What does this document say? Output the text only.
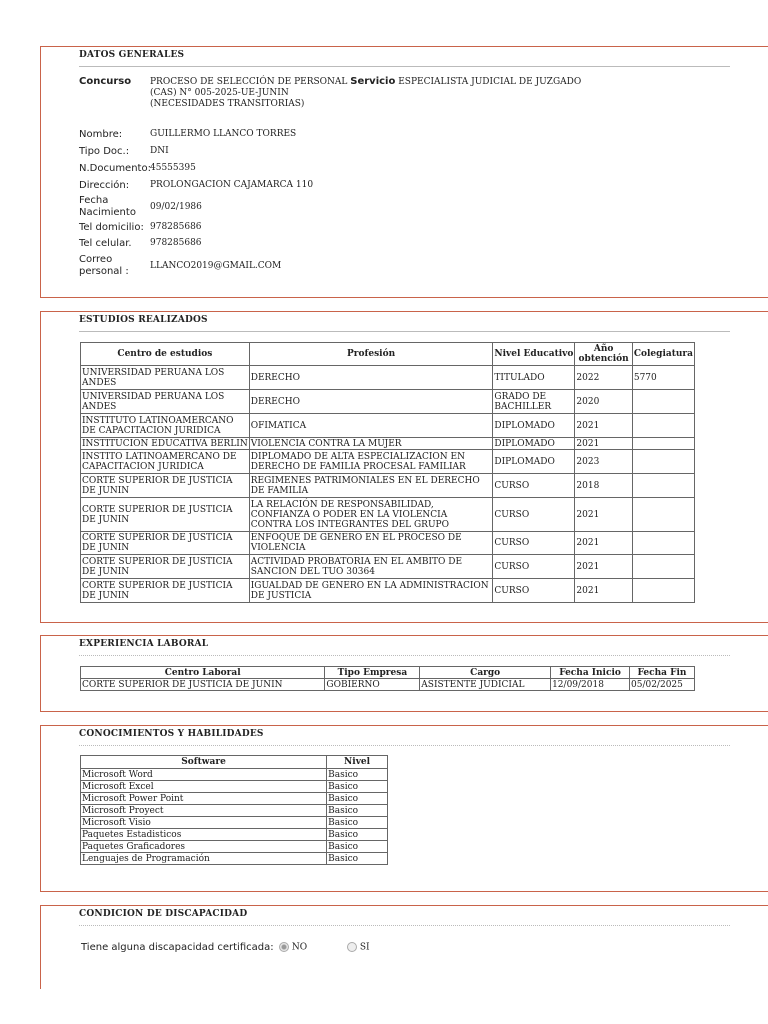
DATOS GENERALES
Concurso PROCESO DE SELECCIÓN DE PERSONAL Servicio ESPECIALISTA JUDICIAL DE JUZGADO
(CAS) N° 005-2025-UE-JUNIN
(NECESIDADES TRANSITORIAS)
Nombre:	GUILLERMO LLANCO TORRES
Tipo Doc.: DNI
N.Documento: 45555395
Dirección: PROLONGACION CAJAMARCA 110
Fecha Nacimiento	09/02/1986
Tel domicilio: 978285686
Tel celular. 978285686
Correo personal :	LLANCO2019@GMAIL.COM
ESTUDIOS REALIZADOS
Centro de estudios	Profesión	Nivel Educativo	Año obtención	Colegiatura
UNIVERSIDAD PERUANA LOS ANDES	DERECHO	TITULADO	2022	5770
UNIVERSIDAD PERUANA LOS ANDES	DERECHO	GRADO DE BACHILLER	2020	
INSTITUTO LATINOAMERCANO DE CAPACITACION JURIDICA	OFIMATICA	DIPLOMADO	2021	
INSTITUCION EDUCATIVA BERLIN	VIOLENCIA CONTRA LA MUJER	DIPLOMADO	2021	
INSTITO LATINOAMERCANO DE CAPACITACION JURIDICA	DIPLOMADO DE ALTA ESPECIALIZACION EN DERECHO DE FAMILIA PROCESAL FAMILIAR	DIPLOMADO	2023	
CORTE SUPERIOR DE JUSTICIA DE JUNIN	REGIMENES PATRIMONIALES EN EL DERECHO DE FAMILIA	CURSO	2018	
CORTE SUPERIOR DE JUSTICIA DE JUNIN	LA RELACIÓN DE RESPONSABILIDAD, CONFIANZA O PODER EN LA VIOLENCIA CONTRA LOS INTEGRANTES DEL GRUPO	CURSO	2021	
CORTE SUPERIOR DE JUSTICIA DE JUNIN	ENFOQUE DE GENERO EN EL PROCESO DE VIOLENCIA	CURSO	2021	
CORTE SUPERIOR DE JUSTICIA DE JUNIN	ACTIVIDAD PROBATORIA EN EL AMBITO DE SANCION DEL TUO 30364	CURSO	2021	
CORTE SUPERIOR DE JUSTICIA DE JUNIN	IGUALDAD DE GENERO EN LA ADMINISTRACION DE JUSTICIA	CURSO	2021	
EXPERIENCIA LABORAL
Centro Laboral	Tipo Empresa	Cargo	Fecha Inicio	Fecha Fin
CORTE SUPERIOR DE JUSTICIA DE JUNIN	GOBIERNO	ASISTENTE JUDICIAL	12/09/2018	05/02/2025
CONOCIMIENTOS Y HABILIDADES
Software	Nivel
Microsoft Word	Basico
Microsoft Excel	Basico
Microsoft Power Point	Basico
Microsoft Proyect	Basico
Microsoft Visio	Basico
Paquetes Estadisticos	Basico
Paquetes Graficadores	Basico
Lenguajes de Programación	Basico
CONDICION DE DISCAPACIDAD
Tiene alguna discapacidad certificada:	NO	SI
